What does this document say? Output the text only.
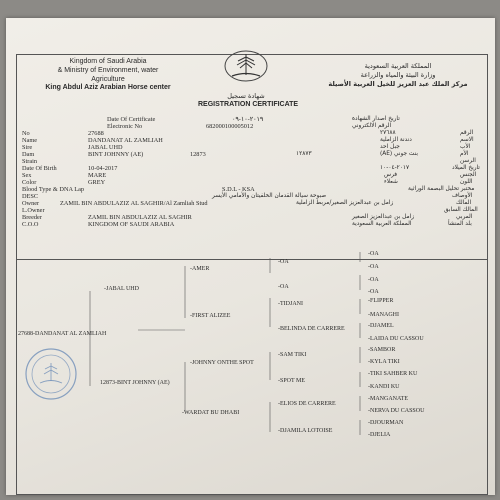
Kingdom of Saudi Arabia
& Ministry of Environment, water
Agriculture
King Abdul Aziz Arabian Horse center
المملكة العربية السعودية
وزارة البيئة والمياه والزراعة
مركز الملك عبد العزيز للخيل العربية الأصيلة
شهادة تسجيل
REGISTRATION CERTIFICATE
Date Of Certificate	٢٠١٩-١٠-٠٩	تاريخ اصدار الشهادة
Electronic No	682000100005012	الرقم الالكتروني
No	27688	٢٧٦٨٨	الرقم
Name	DANDANAT AL ZAMLIAH	دندنة الزاملية	الاسم
Sire	JABAL UHD	جبل احد	الأب
Dam	BINT JOHNNY (AE)	12873	١٢٨٧٣	بنت جوني (AE)	الأم
Strain	الرسن
Date Of Birth	10-04-2017	٢٠١٧-٠٤-١٠	تاريخ الميلاد
Sex	MARE	فرس	الجنس
Color	GREY	شعلاء	اللون
Blood Type & DNA Lap	S.D.L - KSA	مختبر تحليل البصمة الوراثية
DESC	صبوحة سيالة القدمان الخلفيتان والأمامي الأيسر	الأوصاف
Owner	ZAMIL BIN ABDULAZIZ AL SAGHIR/Al Zamliah Stud	زامل بن عبدالعزيز الصغير/مربط الزاملية	المالك
L.Owner	المالك السابق
Breeder	ZAMIL BIN ABDULAZIZ AL SAGHIR	زامل بن عبدالعزيز الصغير	المربي
C.O.O	KINGDOM OF SAUDI ARABIA	المملكة العربية السعودية	بلد المنشأ
27688-DANDANAT AL ZAMLIAH
-JABAL UHD
12873-BINT JOHNNY (AE)
-AMER
-FIRST ALIZEE
-JOHNNY ONTHE SPOT
-WARDAT BU DHABI
-OA
-OA
-TIDJANI
-BELINDA DE CARRERE
-SAM TIKI
-SPOT ME
-ELIOS DE CARRERE
-DJAMILA LOTOISE
-OA
-OA
-OA
-OA
-FLIPPER
-MANAGHI
-DJAMEL
-LAIDA DU CASSOU
-SAMBOR
-KYLA TIKI
-TIKI SAHBER KU
-KANDI KU
-MANGANATE
-NERVA DU CASSOU
-DJOURMAN
-DJELIA
